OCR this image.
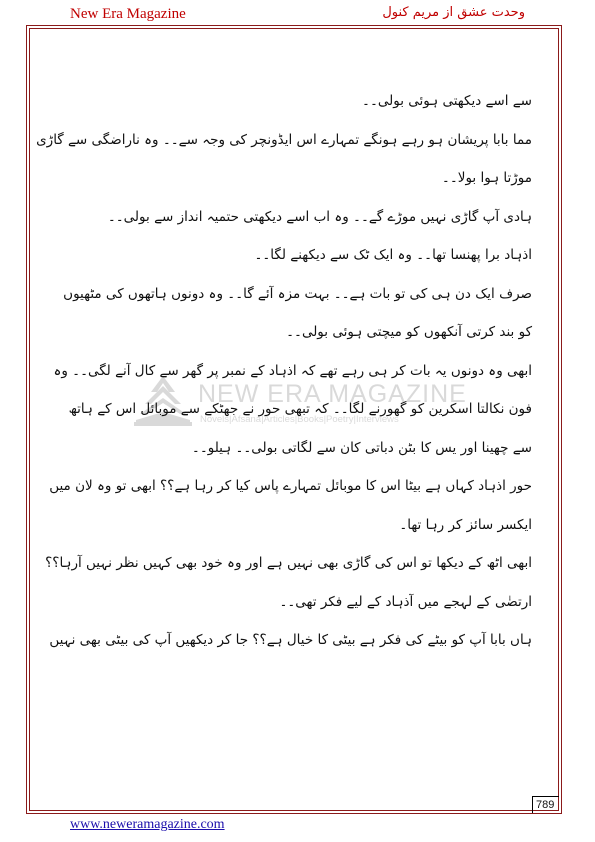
New Era Magazine	وحدت عشق از مریم کنول
NEW ERA MAGAZINE
Novels|Afsana|Articles|Books|Poetry|Interviews
سے اسے دیکھتی ہوئی بولی۔۔
مما بابا پریشان ہو رہے ہونگے تمہارے اس ایڈونچر کی وجہ سے۔۔ وہ ناراضگی سے گاڑی
موڑتا ہوا بولا۔۔
ہادی آپ گاڑی نہیں موڑے گے۔۔ وہ اب اسے دیکھتی حتمیہ انداز سے بولی۔۔
اذہاد برا پھنسا تھا۔۔ وہ ایک ٹک سے دیکھنے لگا۔۔
صرف ایک دن ہی کی تو بات ہے۔۔ بہت مزہ آئے گا۔۔ وہ دونوں ہاتھوں کی مٹھیوں
کو بند کرتی آنکھوں کو میچتی ہوئی بولی۔۔
ابھی وہ دونوں یہ بات کر ہی رہے تھے کہ اذہاد کے نمبر پر گھر سے کال آنے لگی۔۔ وہ
فون نکالتا اسکرین کو گھورنے لگا۔۔ کہ تبھی حور نے جھٹکے سے موبائل اس کے ہاتھ
سے چھینا اور یس کا بٹن دباتی کان سے لگاتی بولی۔۔ ہیلو۔۔
حور اذہاد کہاں ہے بیٹا اس کا موبائل تمہارے پاس کیا کر رہا ہے؟؟ ابھی تو وہ لان میں
ایکسر سائز کر رہا تھا۔
ابھی اٹھ کے دیکھا تو اس کی گاڑی بھی نہیں ہے اور وہ خود بھی کہیں نظر نہیں آرہا؟؟
ارتضٰی کے لہجے میں آذہاد کے لیے فکر تھی۔۔
ہاں بابا آپ کو بیٹے کی فکر ہے بیٹی کا خیال ہے؟؟ جا کر دیکھیں آپ کی بیٹی بھی نہیں
789
www.neweramagazine.com
